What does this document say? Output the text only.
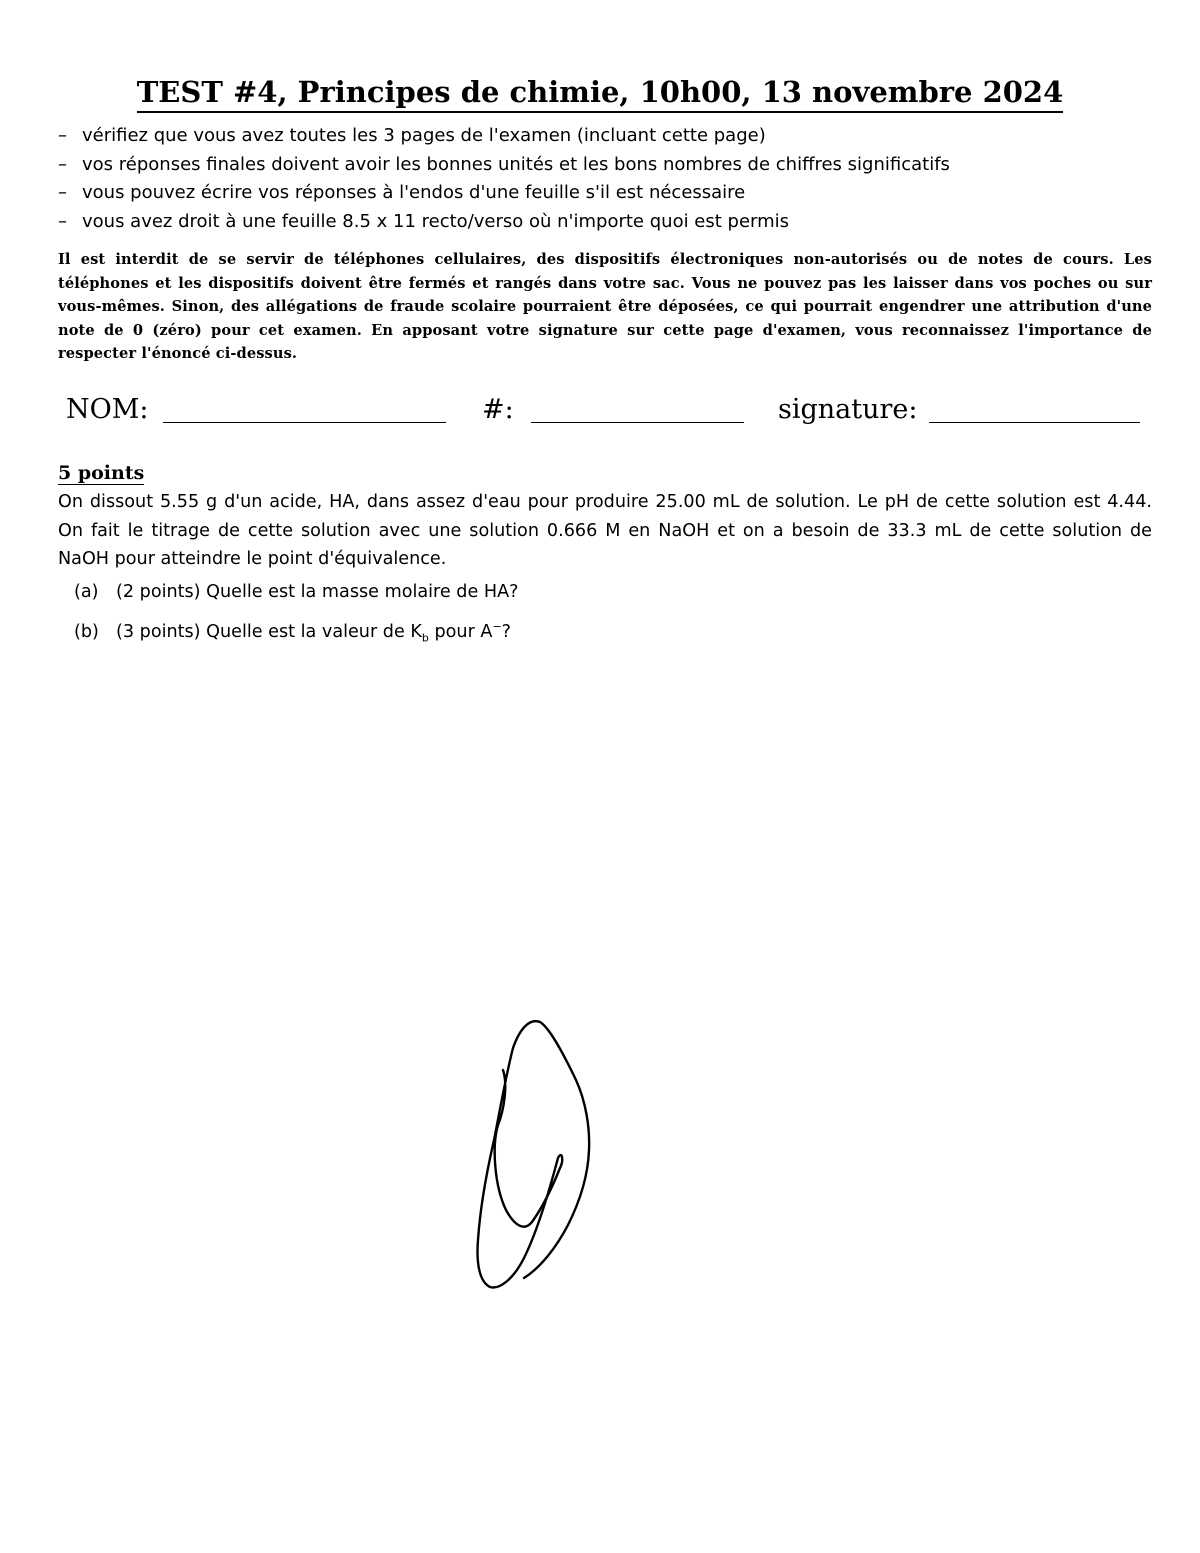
TEST #4, Principes de chimie, 10h00, 13 novembre 2024
– vérifiez que vous avez toutes les 3 pages de l'examen (incluant cette page)
– vos réponses finales doivent avoir les bonnes unités et les bons nombres de chiffres significatifs
– vous pouvez écrire vos réponses à l'endos d'une feuille s'il est nécessaire
– vous avez droit à une feuille 8.5 x 11 recto/verso où n'importe quoi est permis

Il est interdit de se servir de téléphones cellulaires, des dispositifs électroniques non-autorisés ou de notes de cours. Les téléphones et les dispositifs doivent être fermés et rangés dans votre sac. Vous ne pouvez pas les laisser dans vos poches ou sur vous-mêmes. Sinon, des allégations de fraude scolaire pourraient être déposées, ce qui pourrait engendrer une attribution d'une note de 0 (zéro) pour cet examen. En apposant votre signature sur cette page d'examen, vous reconnaissez l'importance de respecter l'énoncé ci-dessus.

NOM:	#:	signature:

5 points

On dissout 5.55 g d'un acide, HA, dans assez d'eau pour produire 25.00 mL de solution. Le pH de cette solution est 4.44. On fait le titrage de cette solution avec une solution 0.666 M en NaOH et on a besoin de 33.3 mL de cette solution de NaOH pour atteindre le point d'équivalence.

(a) (2 points) Quelle est la masse molaire de HA?

(b) (3 points) Quelle est la valeur de $K_b$ pour A−?
